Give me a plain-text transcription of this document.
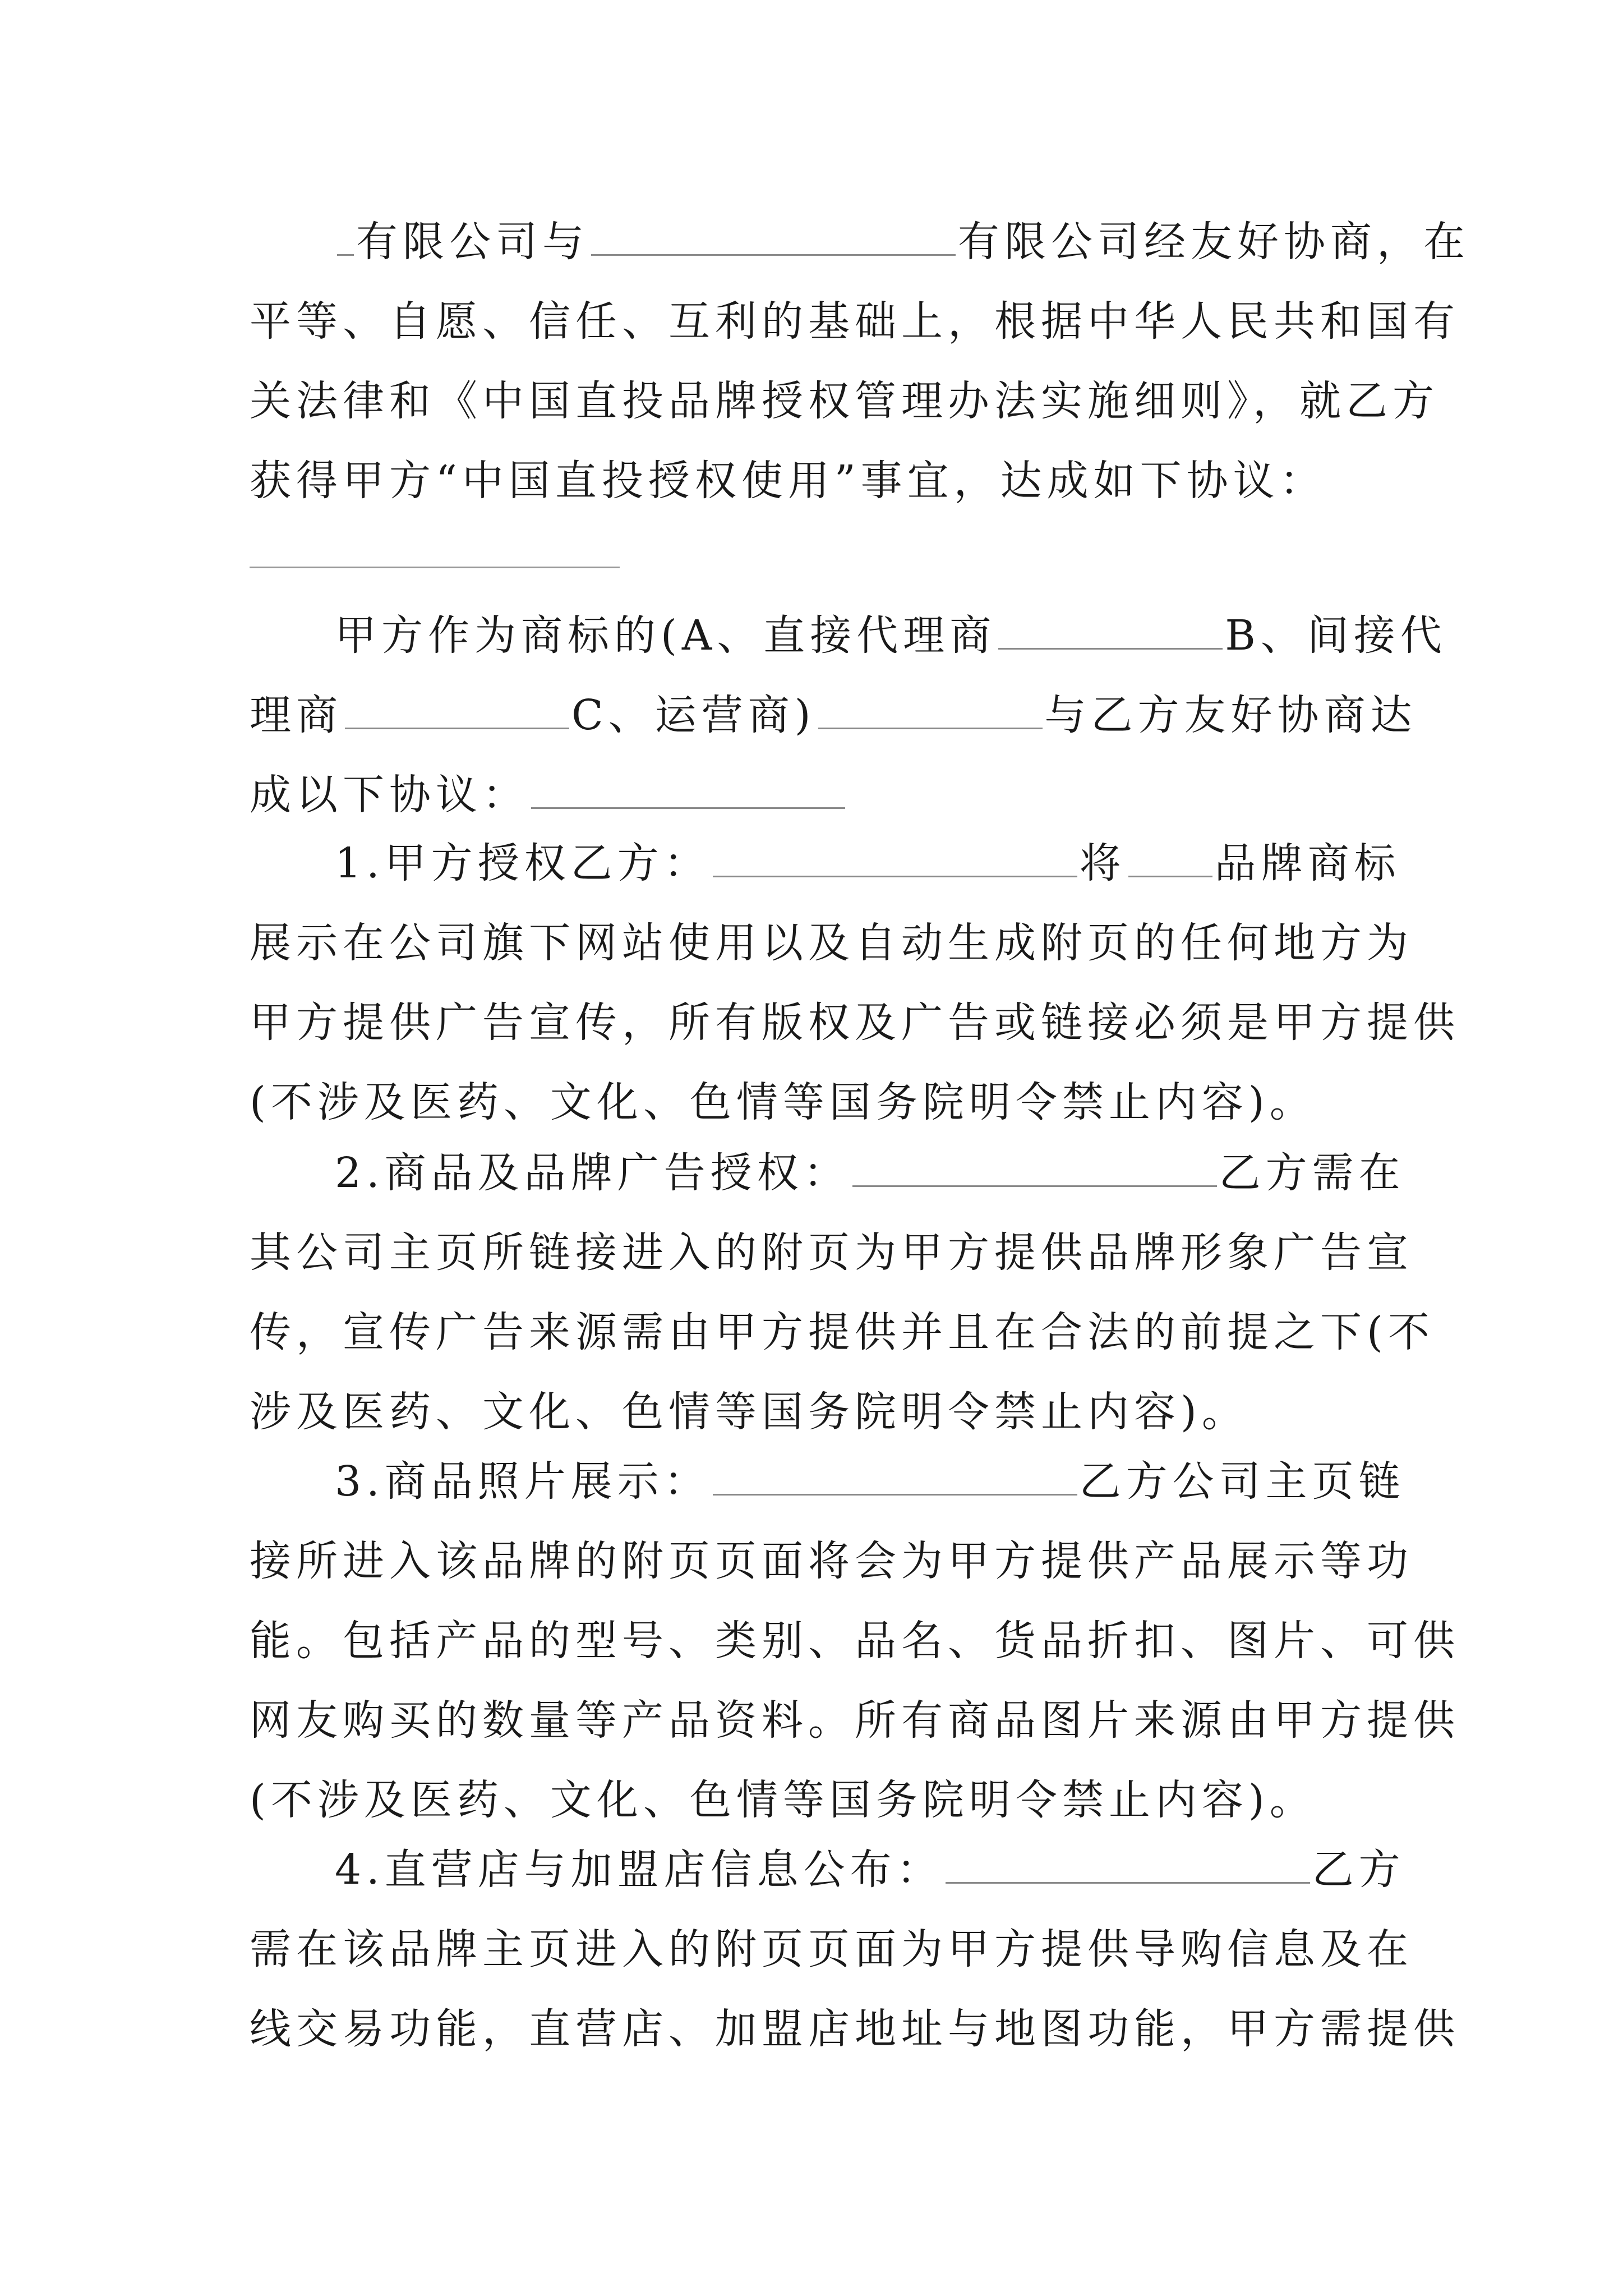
有限公司与	有限公司经友好协商，在
平等、自愿、信任、互利的基础上，根据中华人民共和国有
关法律和《中国直投品牌授权管理办法实施细则》，就乙方
获得甲方“中国直投授权使用”事宜，达成如下协议：
甲方作为商标的(A、直接代理商	B、间接代
理商	C、运营商)	与乙方友好协商达
成以下协议：
1.甲方授权乙方：	将 品牌商标
展示在公司旗下网站使用以及自动生成附页的任何地方为
甲方提供广告宣传，所有版权及广告或链接必须是甲方提供
(不涉及医药、文化、色情等国务院明令禁止内容)。
2.商品及品牌广告授权：	乙方需在
其公司主页所链接进入的附页为甲方提供品牌形象广告宣
传，宣传广告来源需由甲方提供并且在合法的前提之下(不
涉及医药、文化、色情等国务院明令禁止内容)。
3.商品照片展示：	乙方公司主页链
接所进入该品牌的附页页面将会为甲方提供产品展示等功
能。包括产品的型号、类别、品名、货品折扣、图片、可供
网友购买的数量等产品资料。所有商品图片来源由甲方提供
(不涉及医药、文化、色情等国务院明令禁止内容)。
4.直营店与加盟店信息公布：	乙方
需在该品牌主页进入的附页页面为甲方提供导购信息及在
线交易功能，直营店、加盟店地址与地图功能，甲方需提供
